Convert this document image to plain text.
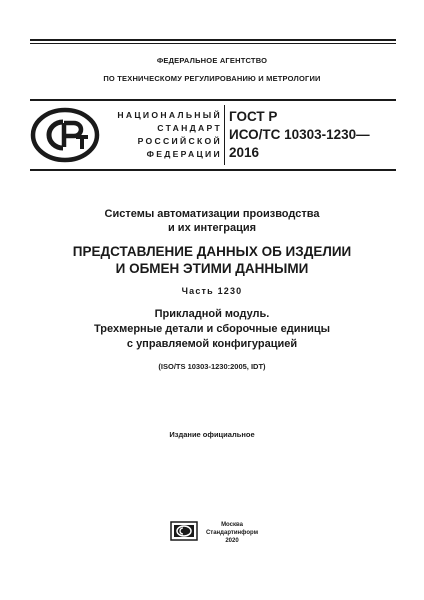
ФЕДЕРАЛЬНОЕ АГЕНТСТВО
ПО ТЕХНИЧЕСКОМУ РЕГУЛИРОВАНИЮ И МЕТРОЛОГИИ
НАЦИОНАЛЬНЫЙ
СТАНДАРТ
РОССИЙСКОЙ
ФЕДЕРАЦИИ
ГОСТ Р
ИСО/ТС 10303-1230—
2016
Системы автоматизации производства
и их интеграция
ПРЕДСТАВЛЕНИЕ ДАННЫХ ОБ ИЗДЕЛИИ
И ОБМЕН ЭТИМИ ДАННЫМИ
Часть 1230
Прикладной модуль.
Трехмерные детали и сборочные единицы
с управляемой конфигурацией
(ISO/TS 10303-1230:2005, IDT)
Издание официальное
Москва
Стандартинформ
2020
